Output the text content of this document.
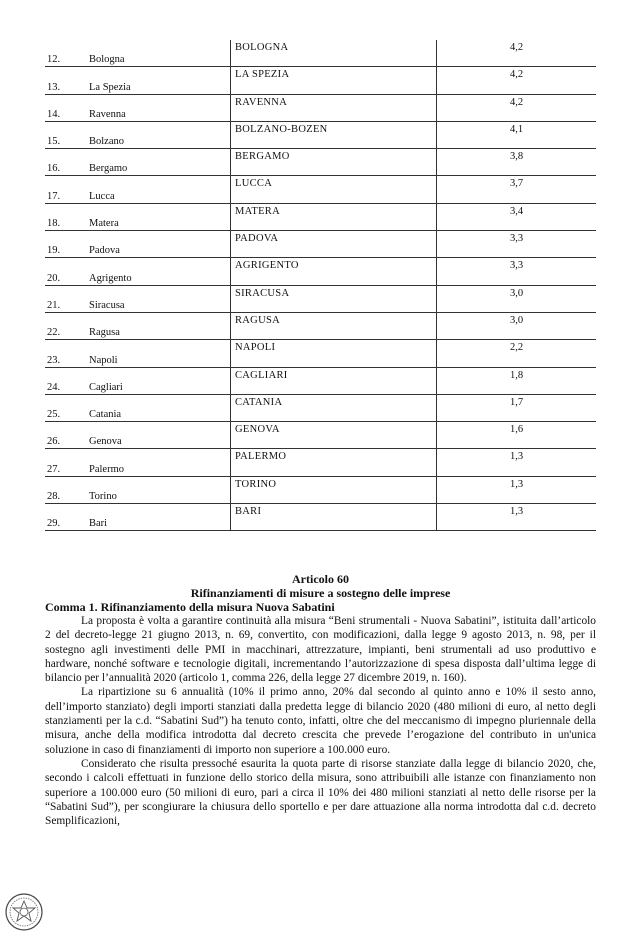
12. Bologna	BOLOGNA	4,2

13. La Spezia	LA SPEZIA	4,2

14. Ravenna	RAVENNA	4,2

15. Bolzano	BOLZANO-BOZEN	4,1

16. Bergamo	BERGAMO	3,8

17. Lucca	LUCCA	3,7

18. Matera	MATERA	3,4

19. Padova	PADOVA	3,3

20. Agrigento	AGRIGENTO	3,3

21. Siracusa	SIRACUSA	3,0

22. Ragusa	RAGUSA	3,0

23. Napoli	NAPOLI	2,2

24. Cagliari	CAGLIARI	1,8

25. Catania	CATANIA	1,7

26. Genova	GENOVA	1,6

27. Palermo	PALERMO	1,3

28. Torino	TORINO	1,3

29. Bari	BARI	1,3
Articolo 60
Rifinanziamenti di misure a sostegno delle imprese
Comma 1. Rifinanziamento della misura Nuova Sabatini

La proposta è volta a garantire continuità alla misura “Beni strumentali - Nuova Sabatini”, istituita dall’articolo 2 del decreto-legge 21 giugno 2013, n. 69, convertito, con modificazioni, dalla legge 9 agosto 2013, n. 98, per il sostegno agli investimenti delle PMI in macchinari, attrezzature, impianti, beni strumentali ad uso produttivo e hardware, nonché software e tecnologie digitali, incrementando l’autorizzazione di spesa disposta dall’ultima legge di bilancio per l’annualità 2020 (articolo 1, comma 226, della legge 27 dicembre 2019, n. 160).

La ripartizione su 6 annualità (10% il primo anno, 20% dal secondo al quinto anno e 10% il sesto anno, dell’importo stanziato) degli importi stanziati dalla predetta legge di bilancio 2020 (480 milioni di euro, al netto degli stanziamenti per la c.d. “Sabatini Sud”) ha tenuto conto, infatti, oltre che del meccanismo di impegno pluriennale della misura, anche della modifica introdotta dal decreto crescita che prevede l’erogazione del contributo in un'unica soluzione in caso di finanziamenti di importo non superiore a 100.000 euro.

Considerato che risulta pressoché esaurita la quota parte di risorse stanziate dalla legge di bilancio 2020, che, secondo i calcoli effettuati in funzione dello storico della misura, sono attribuibili alle istanze con finanziamento non superiore a 100.000 euro (50 milioni di euro, pari a circa il 10% dei 480 milioni stanziati al netto delle risorse per la “Sabatini Sud”), per scongiurare la chiusura dello sportello e per dare attuazione alla norma introdotta dal c.d. decreto Semplificazioni,
